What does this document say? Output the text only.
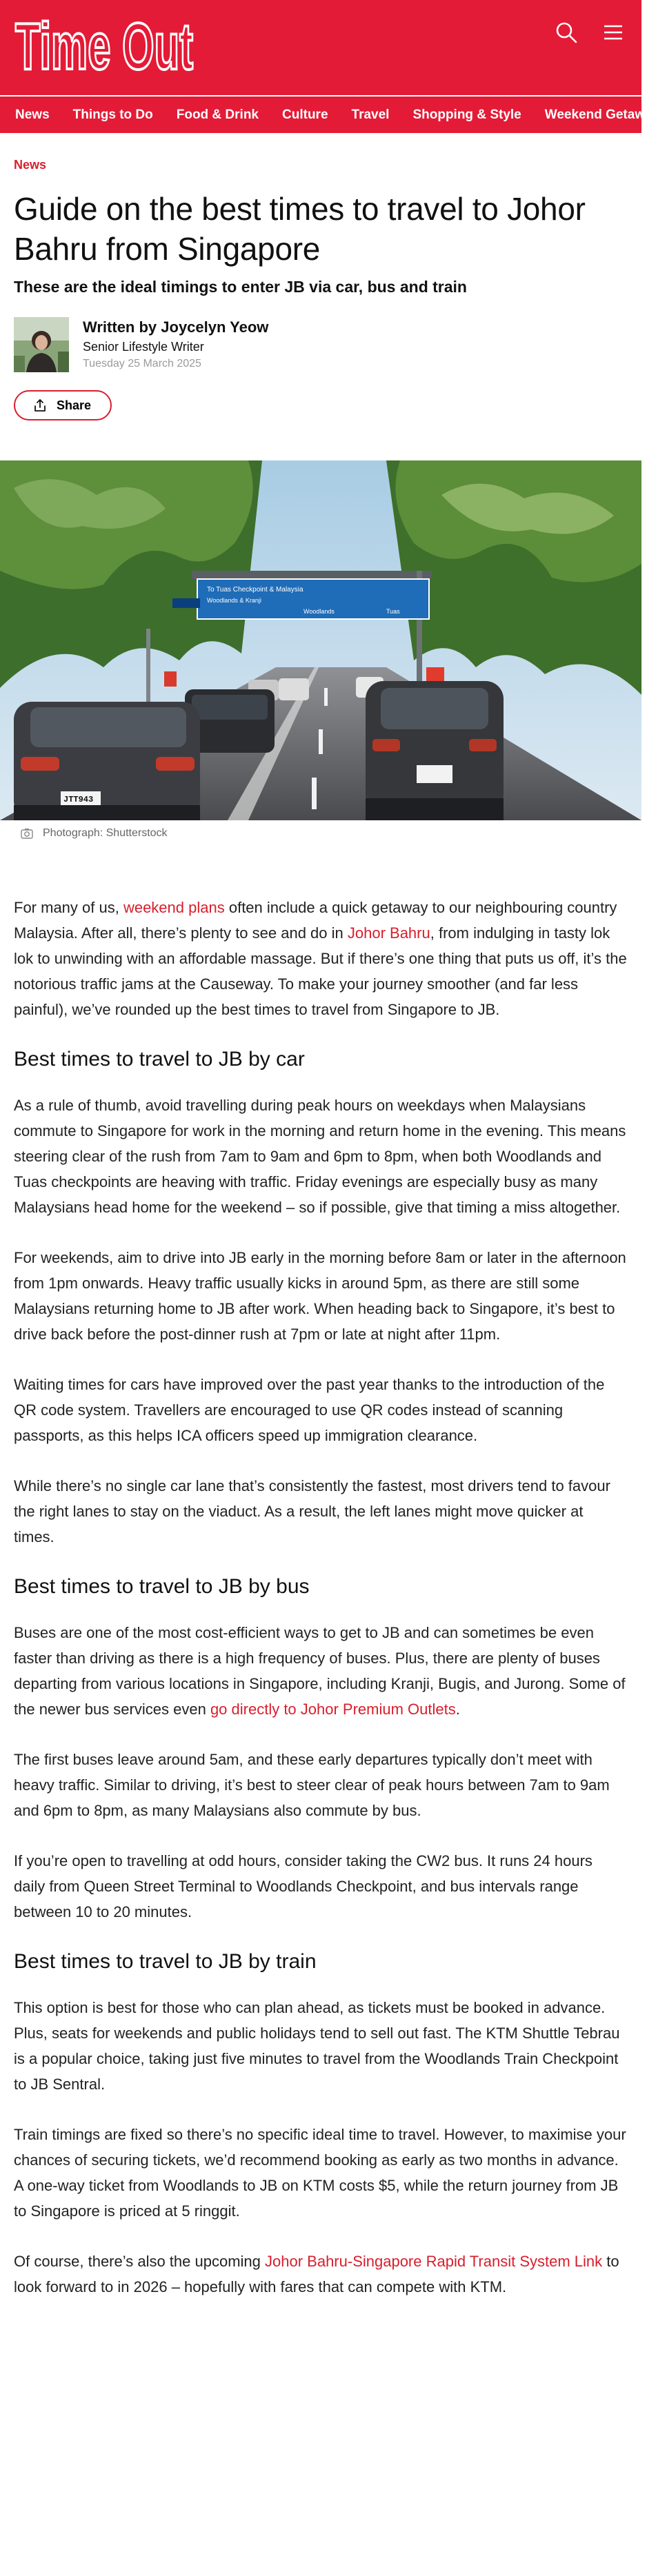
Time Out
News Things to Do Food & Drink Culture Travel Shopping & Style Weekend Getaways
News
Guide on the best times to travel to Johor Bahru from Singapore

These are the ideal timings to enter JB via car, bus and train

Written by Joycelyn Yeow
Senior Lifestyle Writer
Tuesday 25 March 2025
Share
To Tuas Checkpoint & Malaysia
Woodlands & Kranji
Woodlands	Tuas
JTT943
Photograph: Shutterstock

For many of us, weekend plans often include a quick getaway to our neighbouring country Malaysia. After all, there’s plenty to see and do in Johor Bahru, from indulging in tasty lok lok to unwinding with an affordable massage. But if there’s one thing that puts us off, it’s the notorious traffic jams at the Causeway. To make your journey smoother (and far less painful), we’ve rounded up the best times to travel from Singapore to JB.

Best times to travel to JB by car

As a rule of thumb, avoid travelling during peak hours on weekdays when Malaysians commute to Singapore for work in the morning and return home in the evening. This means steering clear of the rush from 7am to 9am and 6pm to 8pm, when both Woodlands and Tuas checkpoints are heaving with traffic. Friday evenings are especially busy as many Malaysians head home for the weekend – so if possible, give that timing a miss altogether.

For weekends, aim to drive into JB early in the morning before 8am or later in the afternoon from 1pm onwards. Heavy traffic usually kicks in around 5pm, as there are still some Malaysians returning home to JB after work. When heading back to Singapore, it’s best to drive back before the post-dinner rush at 7pm or late at night after 11pm.

Waiting times for cars have improved over the past year thanks to the introduction of the QR code system. Travellers are encouraged to use QR codes instead of scanning passports, as this helps ICA officers speed up immigration clearance.

While there’s no single car lane that’s consistently the fastest, most drivers tend to favour the right lanes to stay on the viaduct. As a result, the left lanes might move quicker at times.

Best times to travel to JB by bus

Buses are one of the most cost-efficient ways to get to JB and can sometimes be even faster than driving as there is a high frequency of buses. Plus, there are plenty of buses departing from various locations in Singapore, including Kranji, Bugis, and Jurong. Some of the newer bus services even go directly to Johor Premium Outlets.

The first buses leave around 5am, and these early departures typically don’t meet with heavy traffic. Similar to driving, it’s best to steer clear of peak hours between 7am to 9am and 6pm to 8pm, as many Malaysians also commute by bus.

If you’re open to travelling at odd hours, consider taking the CW2 bus. It runs 24 hours daily from Queen Street Terminal to Woodlands Checkpoint, and bus intervals range between 10 to 20 minutes.

Best times to travel to JB by train

This option is best for those who can plan ahead, as tickets must be booked in advance. Plus, seats for weekends and public holidays tend to sell out fast. The KTM Shuttle Tebrau is a popular choice, taking just five minutes to travel from the Woodlands Train Checkpoint to JB Sentral.

Train timings are fixed so there’s no specific ideal time to travel. However, to maximise your chances of securing tickets, we’d recommend booking as early as two months in advance. A one-way ticket from Woodlands to JB on KTM costs $5, while the return journey from JB to Singapore is priced at 5 ringgit.

Of course, there’s also the upcoming Johor Bahru-Singapore Rapid Transit System Link to look forward to in 2026 – hopefully with fares that can compete with KTM.
